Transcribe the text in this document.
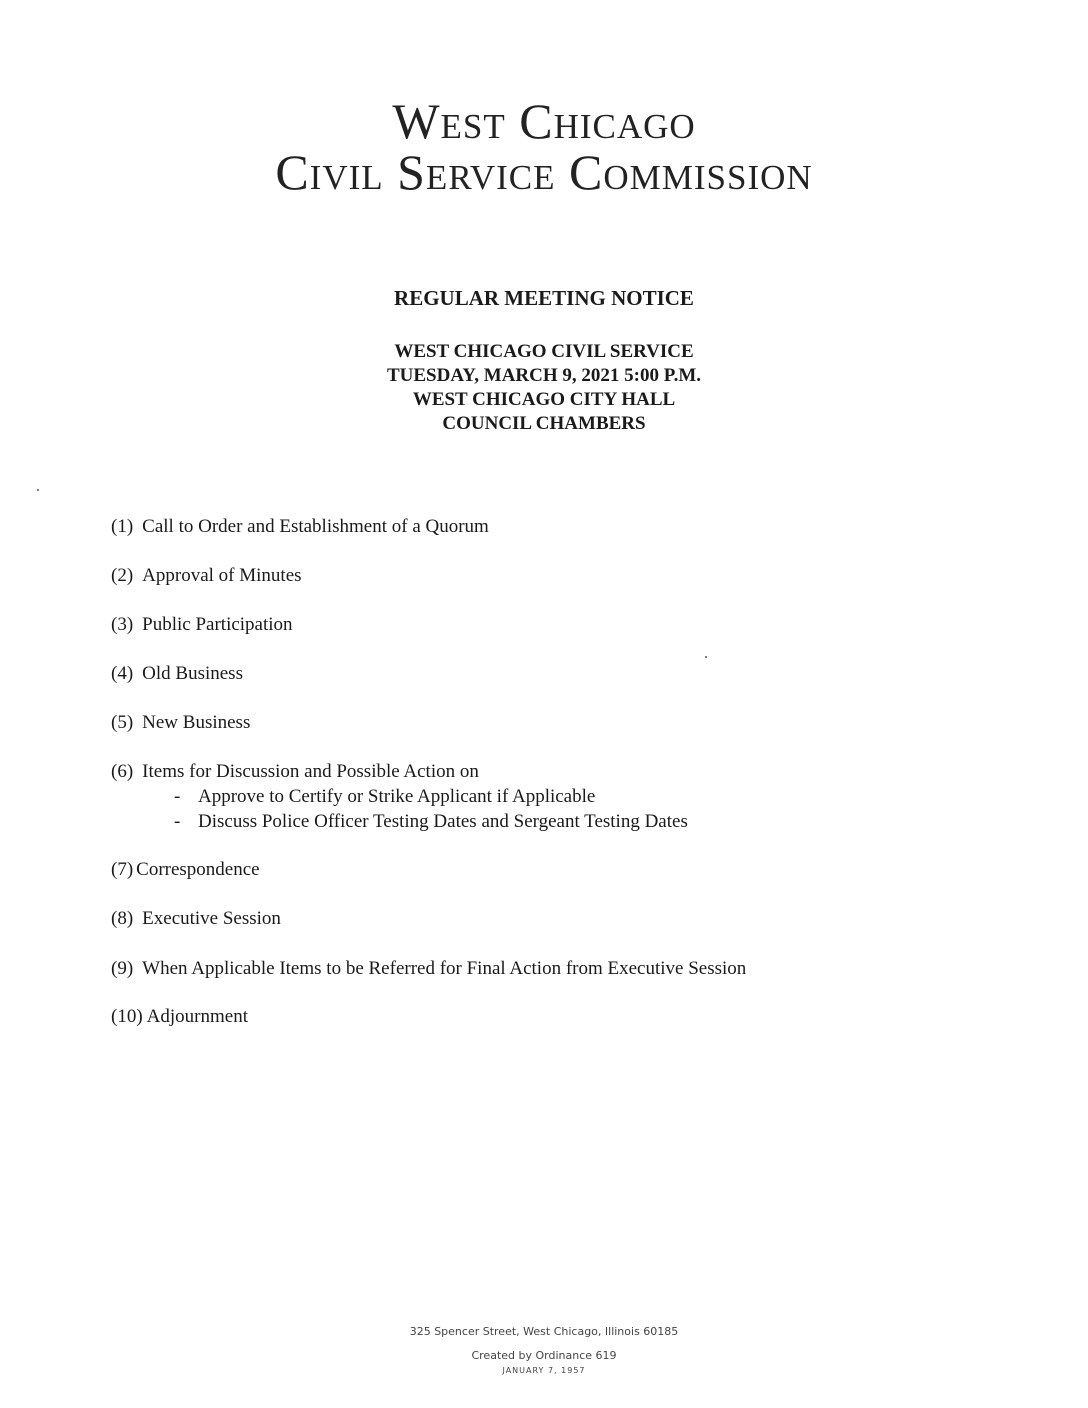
West Chicago
Civil Service Commission
REGULAR MEETING NOTICE
WEST CHICAGO CIVIL SERVICE
TUESDAY, MARCH 9, 2021 5:00 P.M.
WEST CHICAGO CITY HALL
COUNCIL CHAMBERS
(1) Call to Order and Establishment of a Quorum
(2) Approval of Minutes
(3) Public Participation
(4) Old Business
(5) New Business
(6) Items for Discussion and Possible Action on
- Approve to Certify or Strike Applicant if Applicable
- Discuss Police Officer Testing Dates and Sergeant Testing Dates
(7) Correspondence
(8) Executive Session
(9) When Applicable Items to be Referred for Final Action from Executive Session
(10) Adjournment
325 Spencer Street, West Chicago, Illinois 60185
Created by Ordinance 619
JANUARY 7, 1957
